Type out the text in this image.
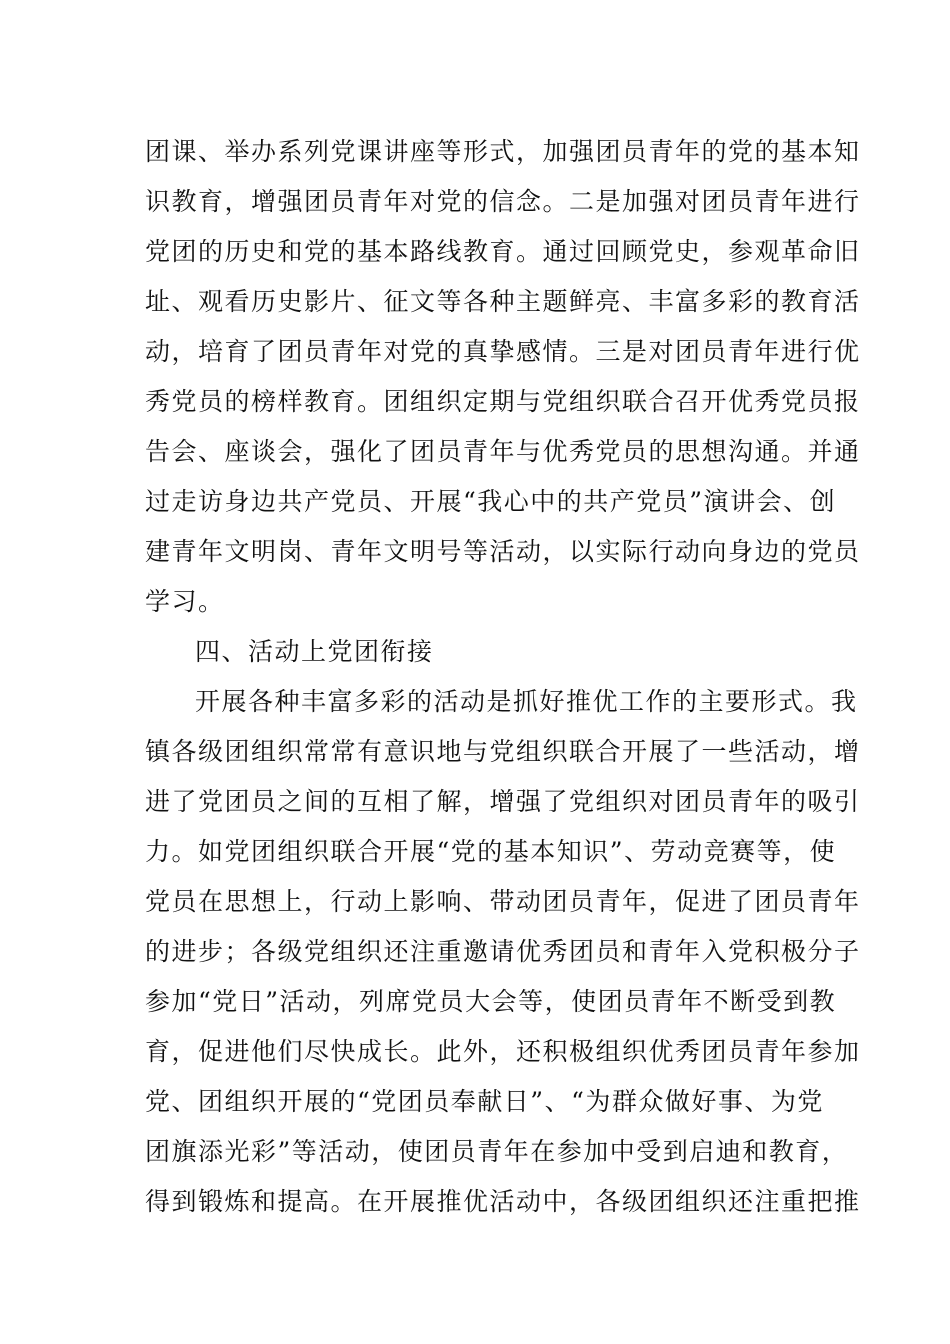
团课、举办系列党课讲座等形式，加强团员青年的党的基本知
识教育，增强团员青年对党的信念。二是加强对团员青年进行
党团的历史和党的基本路线教育。通过回顾党史，参观革命旧
址、观看历史影片、征文等各种主题鲜亮、丰富多彩的教育活
动，培育了团员青年对党的真挚感情。三是对团员青年进行优
秀党员的榜样教育。团组织定期与党组织联合召开优秀党员报
告会、座谈会，强化了团员青年与优秀党员的思想沟通。并通
过走访身边共产党员、开展“我心中的共产党员”演讲会、创
建青年文明岗、青年文明号等活动，以实际行动向身边的党员
学习。
四、活动上党团衔接
开展各种丰富多彩的活动是抓好推优工作的主要形式。我
镇各级团组织常常有意识地与党组织联合开展了一些活动，增
进了党团员之间的互相了解，增强了党组织对团员青年的吸引
力。如党团组织联合开展“党的基本知识”、劳动竞赛等，使
党员在思想上，行动上影响、带动团员青年，促进了团员青年
的进步；各级党组织还注重邀请优秀团员和青年入党积极分子
参加“党日”活动，列席党员大会等，使团员青年不断受到教
育，促进他们尽快成长。此外，还积极组织优秀团员青年参加
党、团组织开展的“党团员奉献日”、“为群众做好事、为党
团旗添光彩”等活动，使团员青年在参加中受到启迪和教育，
得到锻炼和提高。在开展推优活动中，各级团组织还注重把推
